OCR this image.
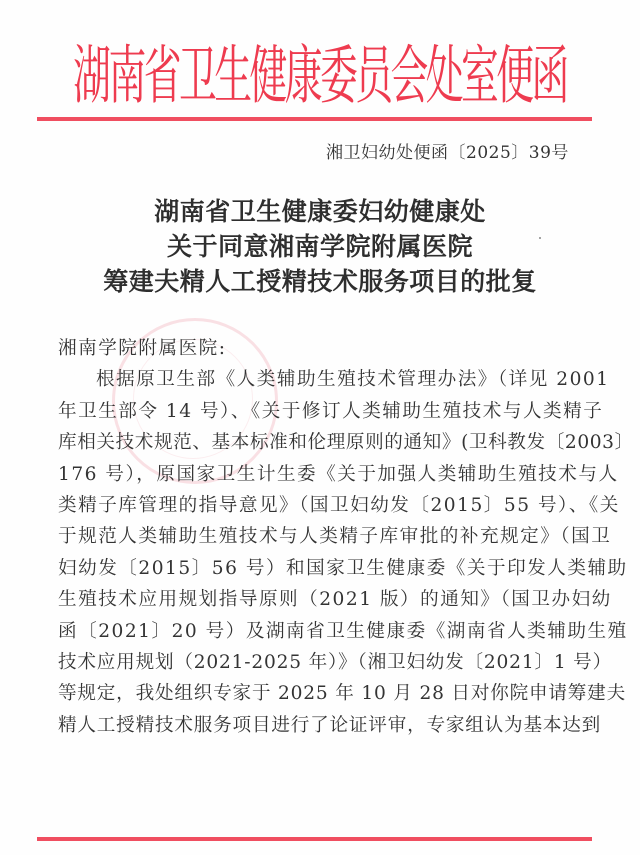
湖南省卫生健康委员会处室便函
湘卫妇幼处便函〔2025〕39号
湖南省卫生健康委妇幼健康处
关于同意湘南学院附属医院
筹建夫精人工授精技术服务项目的批复
湘南学院附属医院:
根据原卫生部《人类辅助生殖技术管理办法》（详见 2001
年卫生部令 14 号）、《关于修订人类辅助生殖技术与人类精子
库相关技术规范、基本标准和伦理原则的通知》(卫科教发〔2003〕
176 号），原国家卫生计生委《关于加强人类辅助生殖技术与人
类精子库管理的指导意见》（国卫妇幼发〔2015〕55 号）、《关
于规范人类辅助生殖技术与人类精子库审批的补充规定》（国卫
妇幼发〔2015〕56 号）和国家卫生健康委《关于印发人类辅助
生殖技术应用规划指导原则（2021 版）的通知》（国卫办妇幼
函〔2021〕20 号）及湖南省卫生健康委《湖南省人类辅助生殖
技术应用规划（2021-2025 年）》（湘卫妇幼发〔2021〕1 号）
等规定，我处组织专家于 2025 年 10 月 28 日对你院申请筹建夫
精人工授精技术服务项目进行了论证评审，专家组认为基本达到
